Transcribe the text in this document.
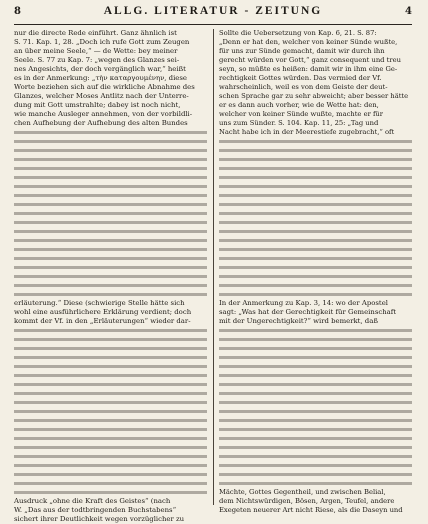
8	ALLG. LITERATUR - ZEITUNG	4
nur die directe Rede einführt. Ganz ähnlich ist
S. 71. Kap. 1, 28. „Doch ich rufe Gott zum Zeugen
an über meine Seele,“ — de Wette: bey meiner
Seele. S. 77 zu Kap. 7: „wegen des Glanzes sei-
nes Angesichts, der doch vergänglich war,“ heißt
es in der Anmerkung: „τὴν καταργουμένην, diese
Worte beziehen sich auf die wirkliche Abnahme des
Glanzes, welcher Moses Antlitz nach der Unterre-
dung mit Gott umstrahlte; dabey ist noch nicht,
wie manche Ausleger annehmen, von der vorbildli-
chen Aufhebung der Aufhebung des alten Bundes
erläuterung.“ Diese (schwierige Stelle hätte sich
wohl eine ausführlichere Erklärung verdient; doch
kommt der Vf. in den „Erläuterungen“ wieder dar-
Ausdruck „ohne die Kraft des Geistes“ (nach
W. „Das aus der todtbringenden Buchstabens“
sichert ihrer Deutlichkeit wegen vorzüglicher zu
Sollte die Uebersetzung von Kap. 6, 21. S. 87:
„Denn er hat den, welcher von keiner Sünde wußte,
für uns zur Sünde gemacht, damit wir durch ihn
gerecht würden vor Gott,“ ganz consequent und treu
seyn, so müßte es heißen: damit wir in ihm eine Ge-
rechtigkeit Gottes würden. Das vermied der Vf.
wahrscheinlich, weil es von dem Geiste der deut-
schen Sprache gar zu sehr abweicht; aber besser hätte
er es dann auch vorher, wie de Wette hat: den,
welcher von keiner Sünde wußte, machte er für
uns zum Sünder. S. 104. Kap. 11, 25: „Tag und
Nacht habe ich in der Meerestiefe zugebracht,“ oft
In der Anmerkung zu Kap. 3, 14: wo der Apostel
sagt: „Was hat der Gerechtigkeit für Gemeinschaft
mit der Ungerechtigkeit?“ wird bemerkt, daß
Mächte, Gottes Gegentheil, und zwischen Belial,
dem Nichtswürdigen, Bösen, Argen, Teufel, andere
Exegeten neuerer Art nicht Riese, als die Daseyn und
